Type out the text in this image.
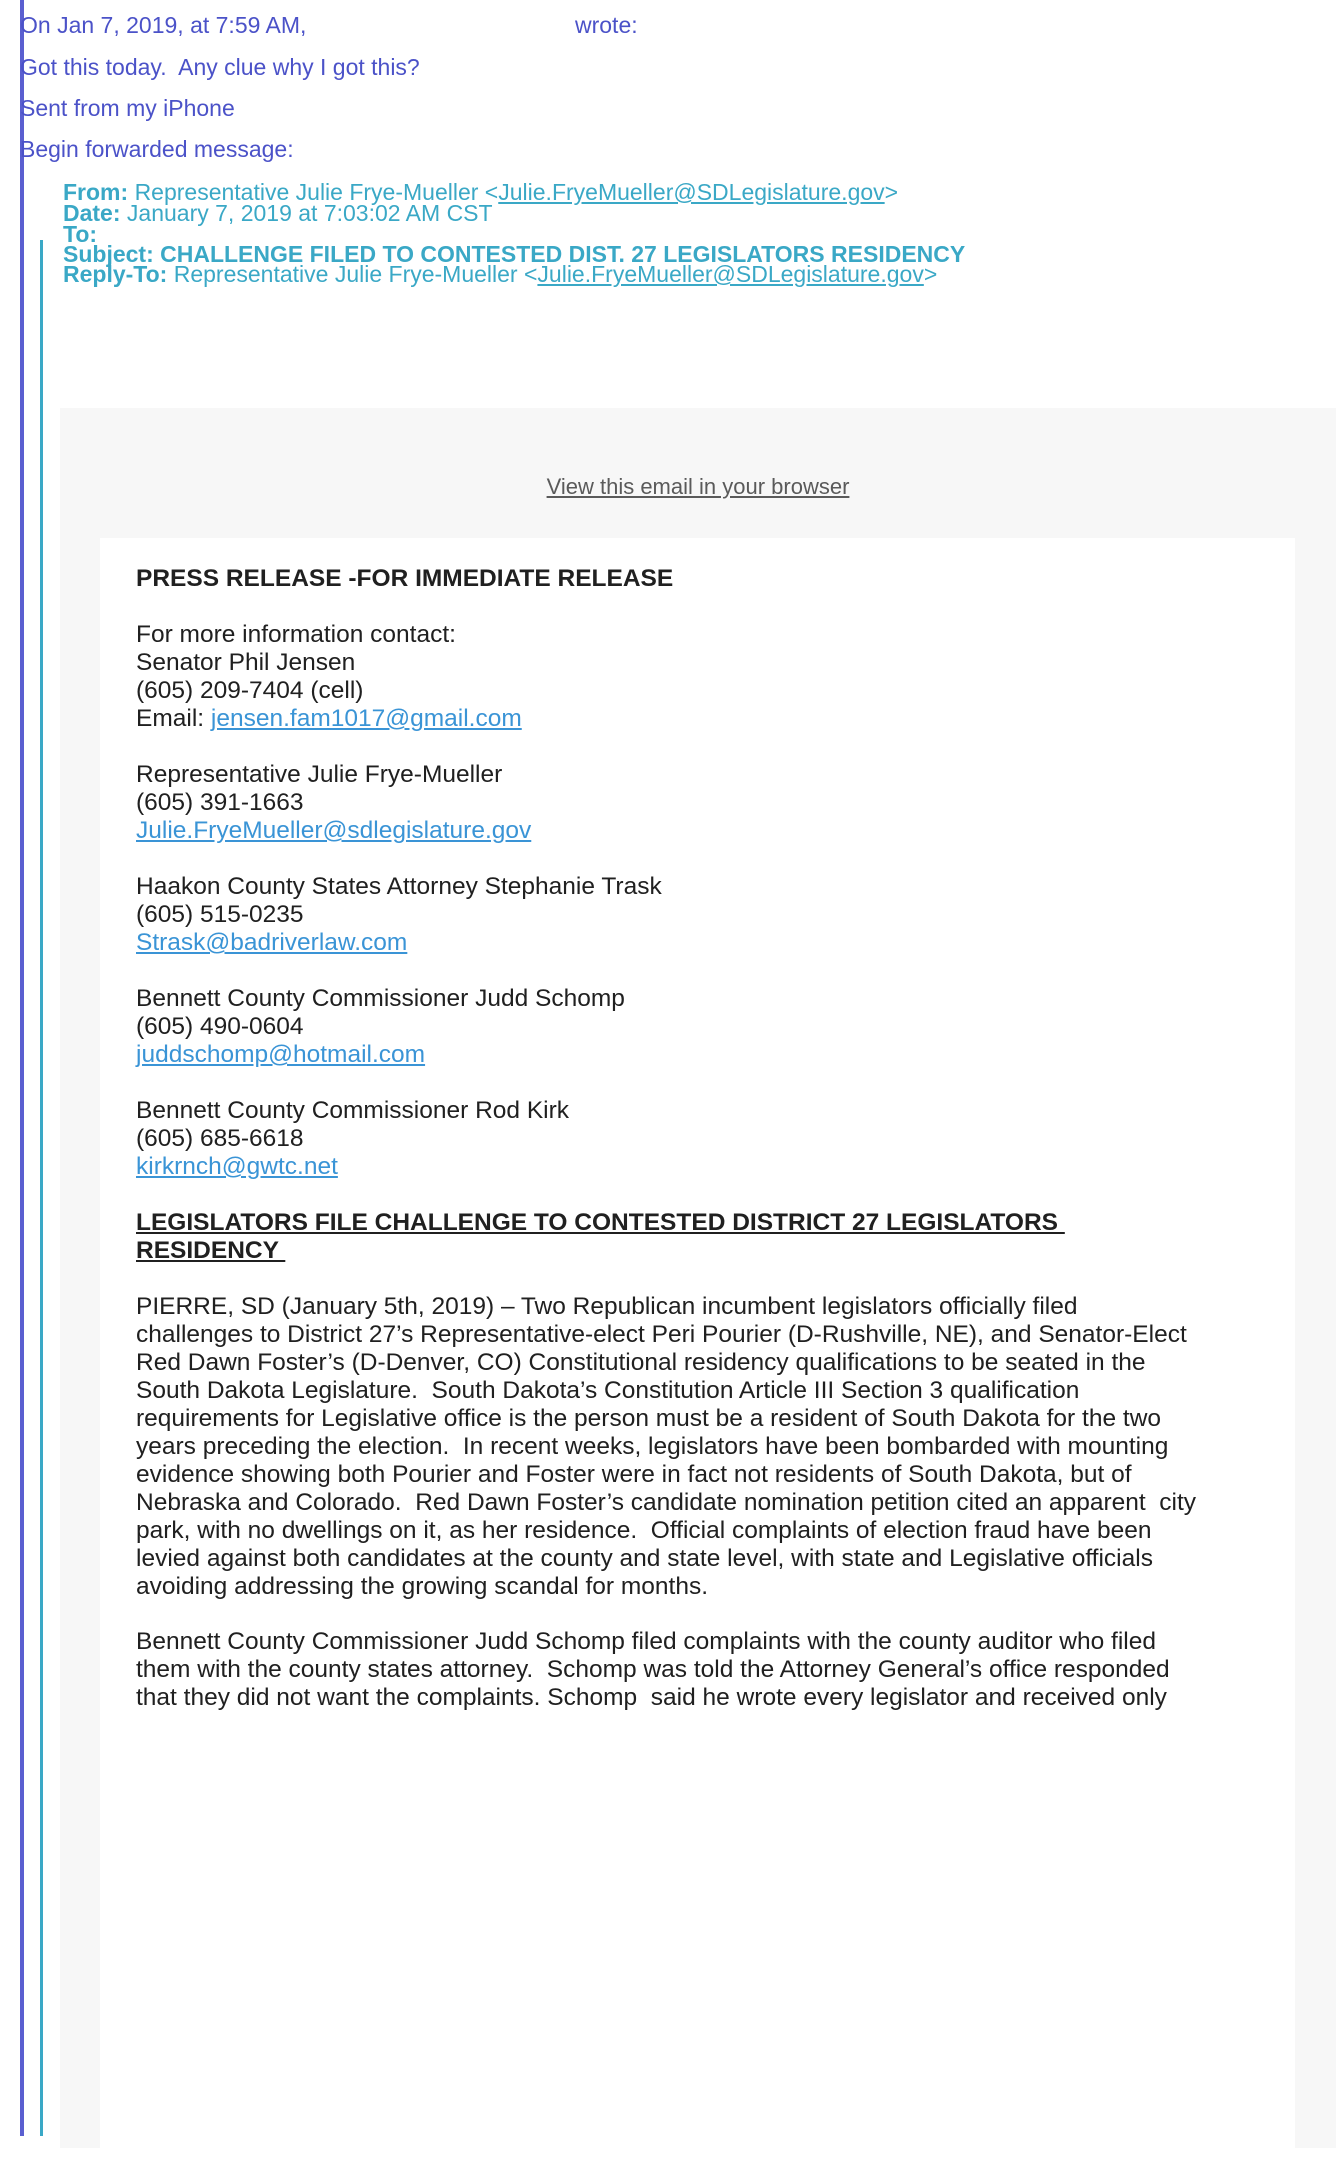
On Jan 7, 2019, at 7:59 AM,	wrote:
Got this today.  Any clue why I got this?
Sent from my iPhone
Begin forwarded message:
From: Representative Julie Frye-Mueller <Julie.FryeMueller@SDLegislature.gov>
Date: January 7, 2019 at 7:03:02 AM CST
To:
Subject: CHALLENGE FILED TO CONTESTED DIST. 27 LEGISLATORS RESIDENCY
Reply-To: Representative Julie Frye-Mueller <Julie.FryeMueller@SDLegislature.gov>
View this email in your browser
PRESS RELEASE -FOR IMMEDIATE RELEASE
For more information contact:
Senator Phil Jensen
(605) 209-7404 (cell)
Email: jensen.fam1017@gmail.com
Representative Julie Frye-Mueller
(605) 391-1663
Julie.FryeMueller@sdlegislature.gov
Haakon County States Attorney Stephanie Trask
(605) 515-0235
Strask@badriverlaw.com
Bennett County Commissioner Judd Schomp
(605) 490-0604
juddschomp@hotmail.com
Bennett County Commissioner Rod Kirk
(605) 685-6618
kirkrnch@gwtc.net
LEGISLATORS FILE CHALLENGE TO CONTESTED DISTRICT 27 LEGISLATORS
RESIDENCY
PIERRE, SD (January 5th, 2019) – Two Republican incumbent legislators officially filed
challenges to District 27’s Representative-elect Peri Pourier (D-Rushville, NE), and Senator-Elect
Red Dawn Foster’s (D-Denver, CO) Constitutional residency qualifications to be seated in the
South Dakota Legislature.  South Dakota’s Constitution Article III Section 3 qualification
requirements for Legislative office is the person must be a resident of South Dakota for the two
years preceding the election.  In recent weeks, legislators have been bombarded with mounting
evidence showing both Pourier and Foster were in fact not residents of South Dakota, but of
Nebraska and Colorado.  Red Dawn Foster’s candidate nomination petition cited an apparent  city
park, with no dwellings on it, as her residence.  Official complaints of election fraud have been
levied against both candidates at the county and state level, with state and Legislative officials
avoiding addressing the growing scandal for months.
Bennett County Commissioner Judd Schomp filed complaints with the county auditor who filed
them with the county states attorney.  Schomp was told the Attorney General’s office responded
that they did not want the complaints. Schomp  said he wrote every legislator and received only
